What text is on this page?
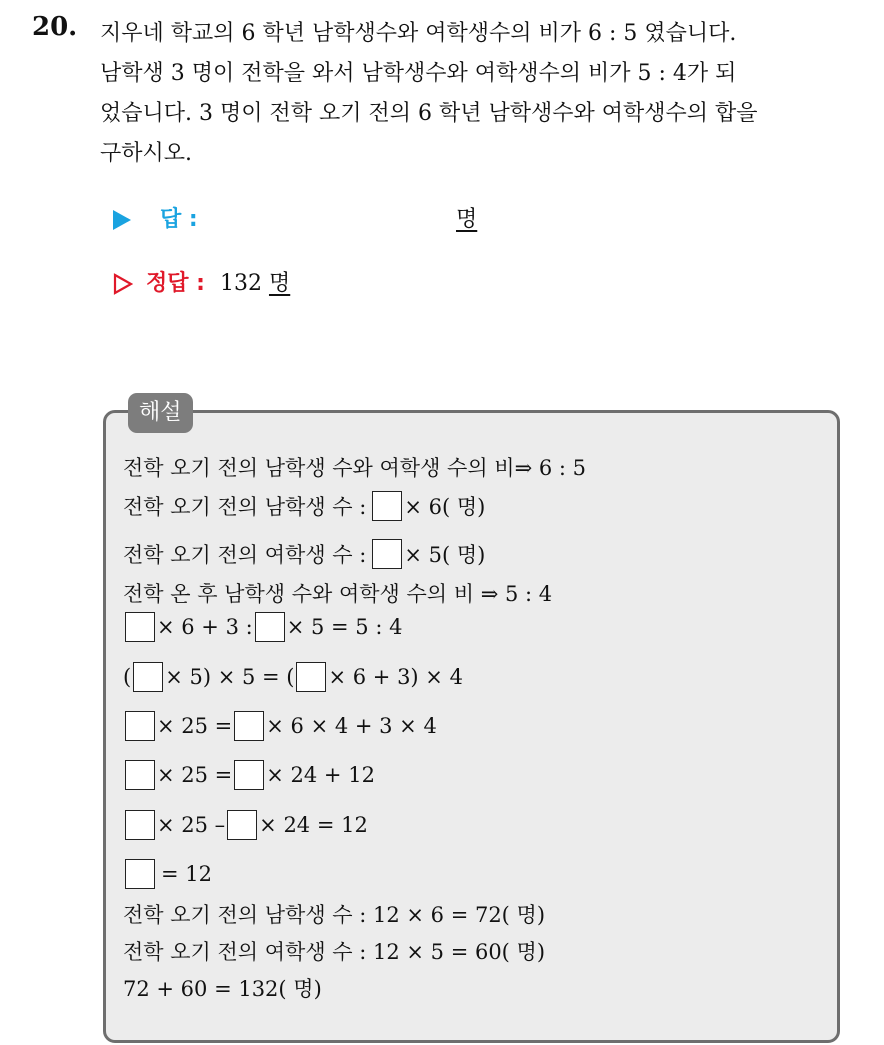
20. 지우네 학교의 6 학년 남학생수와 여학생수의 비가 6 : 5 였습니다.
남학생 3 명이 전학을 와서 남학생수와 여학생수의 비가 5 : 4가 되
었습니다. 3 명이 전학 오기 전의 6 학년 남학생수와 여학생수의 합을
구하시오.
답 :	명
정답 : 132 명
해설
전학 오기 전의 남학생 수와 여학생 수의 비⇒ 6 : 5
전학 오기 전의 남학생 수 : × 6( 명)
전학 오기 전의 여학생 수 : × 5( 명)
전학 온 후 남학생 수와 여학생 수의 비 ⇒ 5 : 4
× 6 + 3 : × 5 = 5 : 4
( × 5) × 5 = ( × 6 + 3) × 4
× 25 = × 6 × 4 + 3 × 4
× 25 = × 24 + 12
× 25 – × 24 = 12
= 12
전학 오기 전의 남학생 수 : 12 × 6 = 72( 명)
전학 오기 전의 여학생 수 : 12 × 5 = 60( 명)
72 + 60 = 132( 명)
